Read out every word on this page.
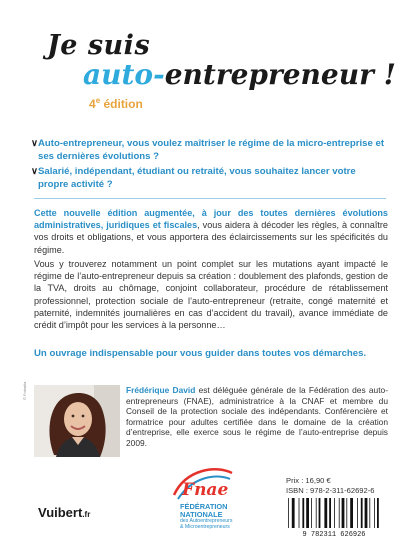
Je suis
auto-entrepreneur !
4e édition
∨ Auto-entrepreneur, vous voulez maîtriser le régime de la micro-entreprise et ses dernières évolutions ?
∨ Salarié, indépendant, étudiant ou retraité, vous souhaitez lancer votre propre activité ?
Cette nouvelle édition augmentée, à jour des toutes dernières évolutions administratives, juridiques et fiscales, vous aidera à décoder les règles, à connaître vos droits et obligations, et vous apportera des éclaircissements sur les spécificités du régime.
Vous y trouverez notamment un point complet sur les mutations ayant impacté le régime de l’auto-entrepreneur depuis sa création : doublement des plafonds, gestion de la TVA, droits au chômage, conjoint collaborateur, procédure de rétablissement professionnel, protection sociale de l’auto-entrepreneur (retraite, congé maternité et paternité, indemnités journalières en cas d’accident du travail), avance immédiate de crédit d’impôt pour les services à la personne…
Un ouvrage indispensable pour vous guider dans toutes vos démarches.
© Fotoalia	Frédérique David est déléguée générale de la Fédération des auto-entrepreneurs (FNAE), administratrice à la CNAF et membre du Conseil de la protection sociale des indépendants. Conférencière et formatrice pour adultes certifiée dans le domaine de la création d’entreprise, elle exerce sous le régime de l’auto-entreprise depuis 2009.
Vuibert.fr
Fnae
FÉDÉRATION
NATIONALE
des Autoentrepreneurs
& Microentrepreneurs
Prix : 16,90 €
ISBN : 978-2-311-62692-6
9 782311 626926
